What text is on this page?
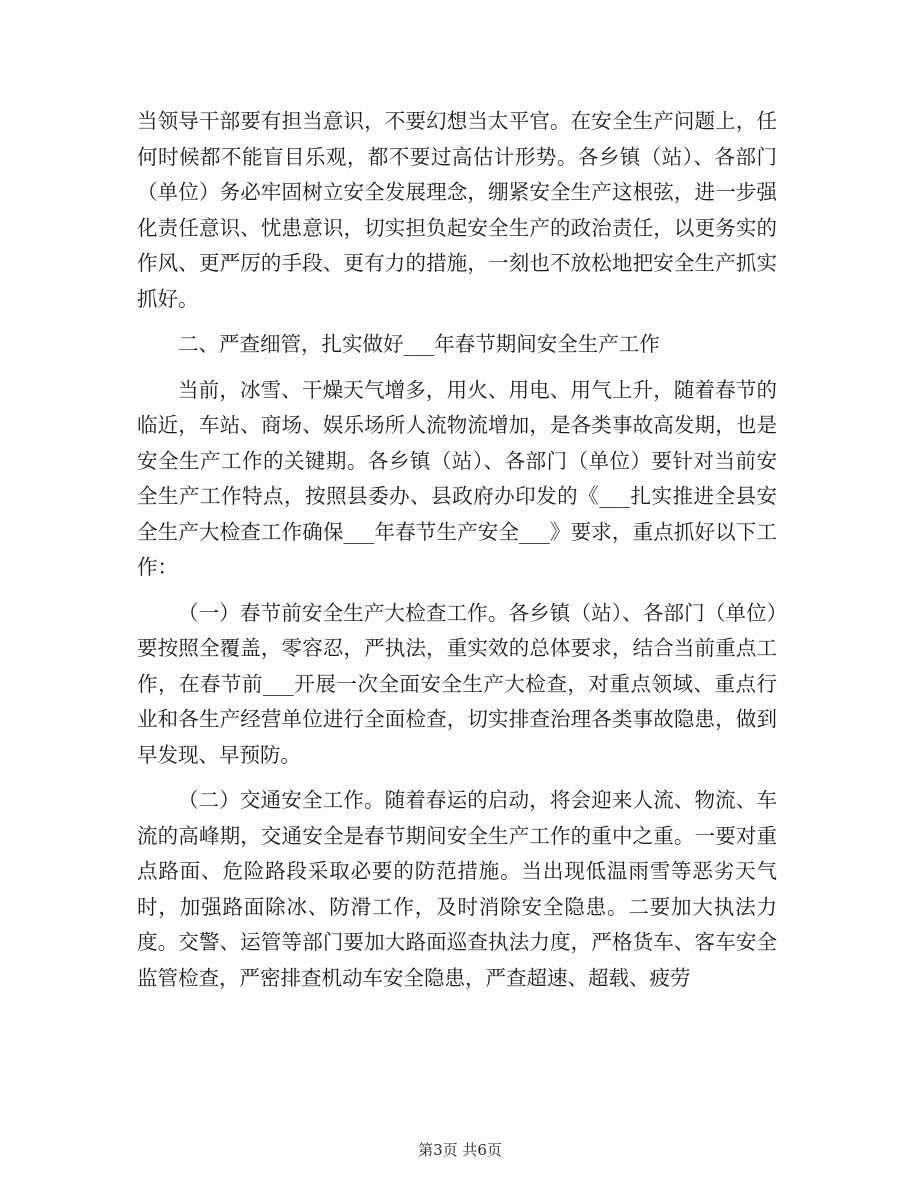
当领导干部要有担当意识，不要幻想当太平官。在安全生产问题上，任何时候都不能盲目乐观，都不要过高估计形势。各乡镇（站）、各部门（单位）务必牢固树立安全发展理念，绷紧安全生产这根弦，进一步强化责任意识、忧患意识，切实担负起安全生产的政治责任，以更务实的作风、更严厉的手段、更有力的措施，一刻也不放松地把安全生产抓实抓好。

二、严查细管，扎实做好___年春节期间安全生产工作

当前，冰雪、干燥天气增多，用火、用电、用气上升，随着春节的临近，车站、商场、娱乐场所人流物流增加，是各类事故高发期，也是安全生产工作的关键期。各乡镇（站）、各部门（单位）要针对当前安全生产工作特点，按照县委办、县政府办印发的《___扎实推进全县安全生产大检查工作确保___年春节生产安全___》要求，重点抓好以下工作：

（一）春节前安全生产大检查工作。各乡镇（站）、各部门（单位）要按照全覆盖，零容忍，严执法，重实效的总体要求，结合当前重点工作，在春节前___开展一次全面安全生产大检查，对重点领域、重点行业和各生产经营单位进行全面检查，切实排查治理各类事故隐患，做到早发现、早预防。

（二）交通安全工作。随着春运的启动，将会迎来人流、物流、车流的高峰期，交通安全是春节期间安全生产工作的重中之重。一要对重点路面、危险路段采取必要的防范措施。当出现低温雨雪等恶劣天气时，加强路面除冰、防滑工作，及时消除安全隐患。二要加大执法力度。交警、运管等部门要加大路面巡查执法力度，严格货车、客车安全监管检查，严密排查机动车安全隐患，严查超速、超载、疲劳

第3页 共6页
